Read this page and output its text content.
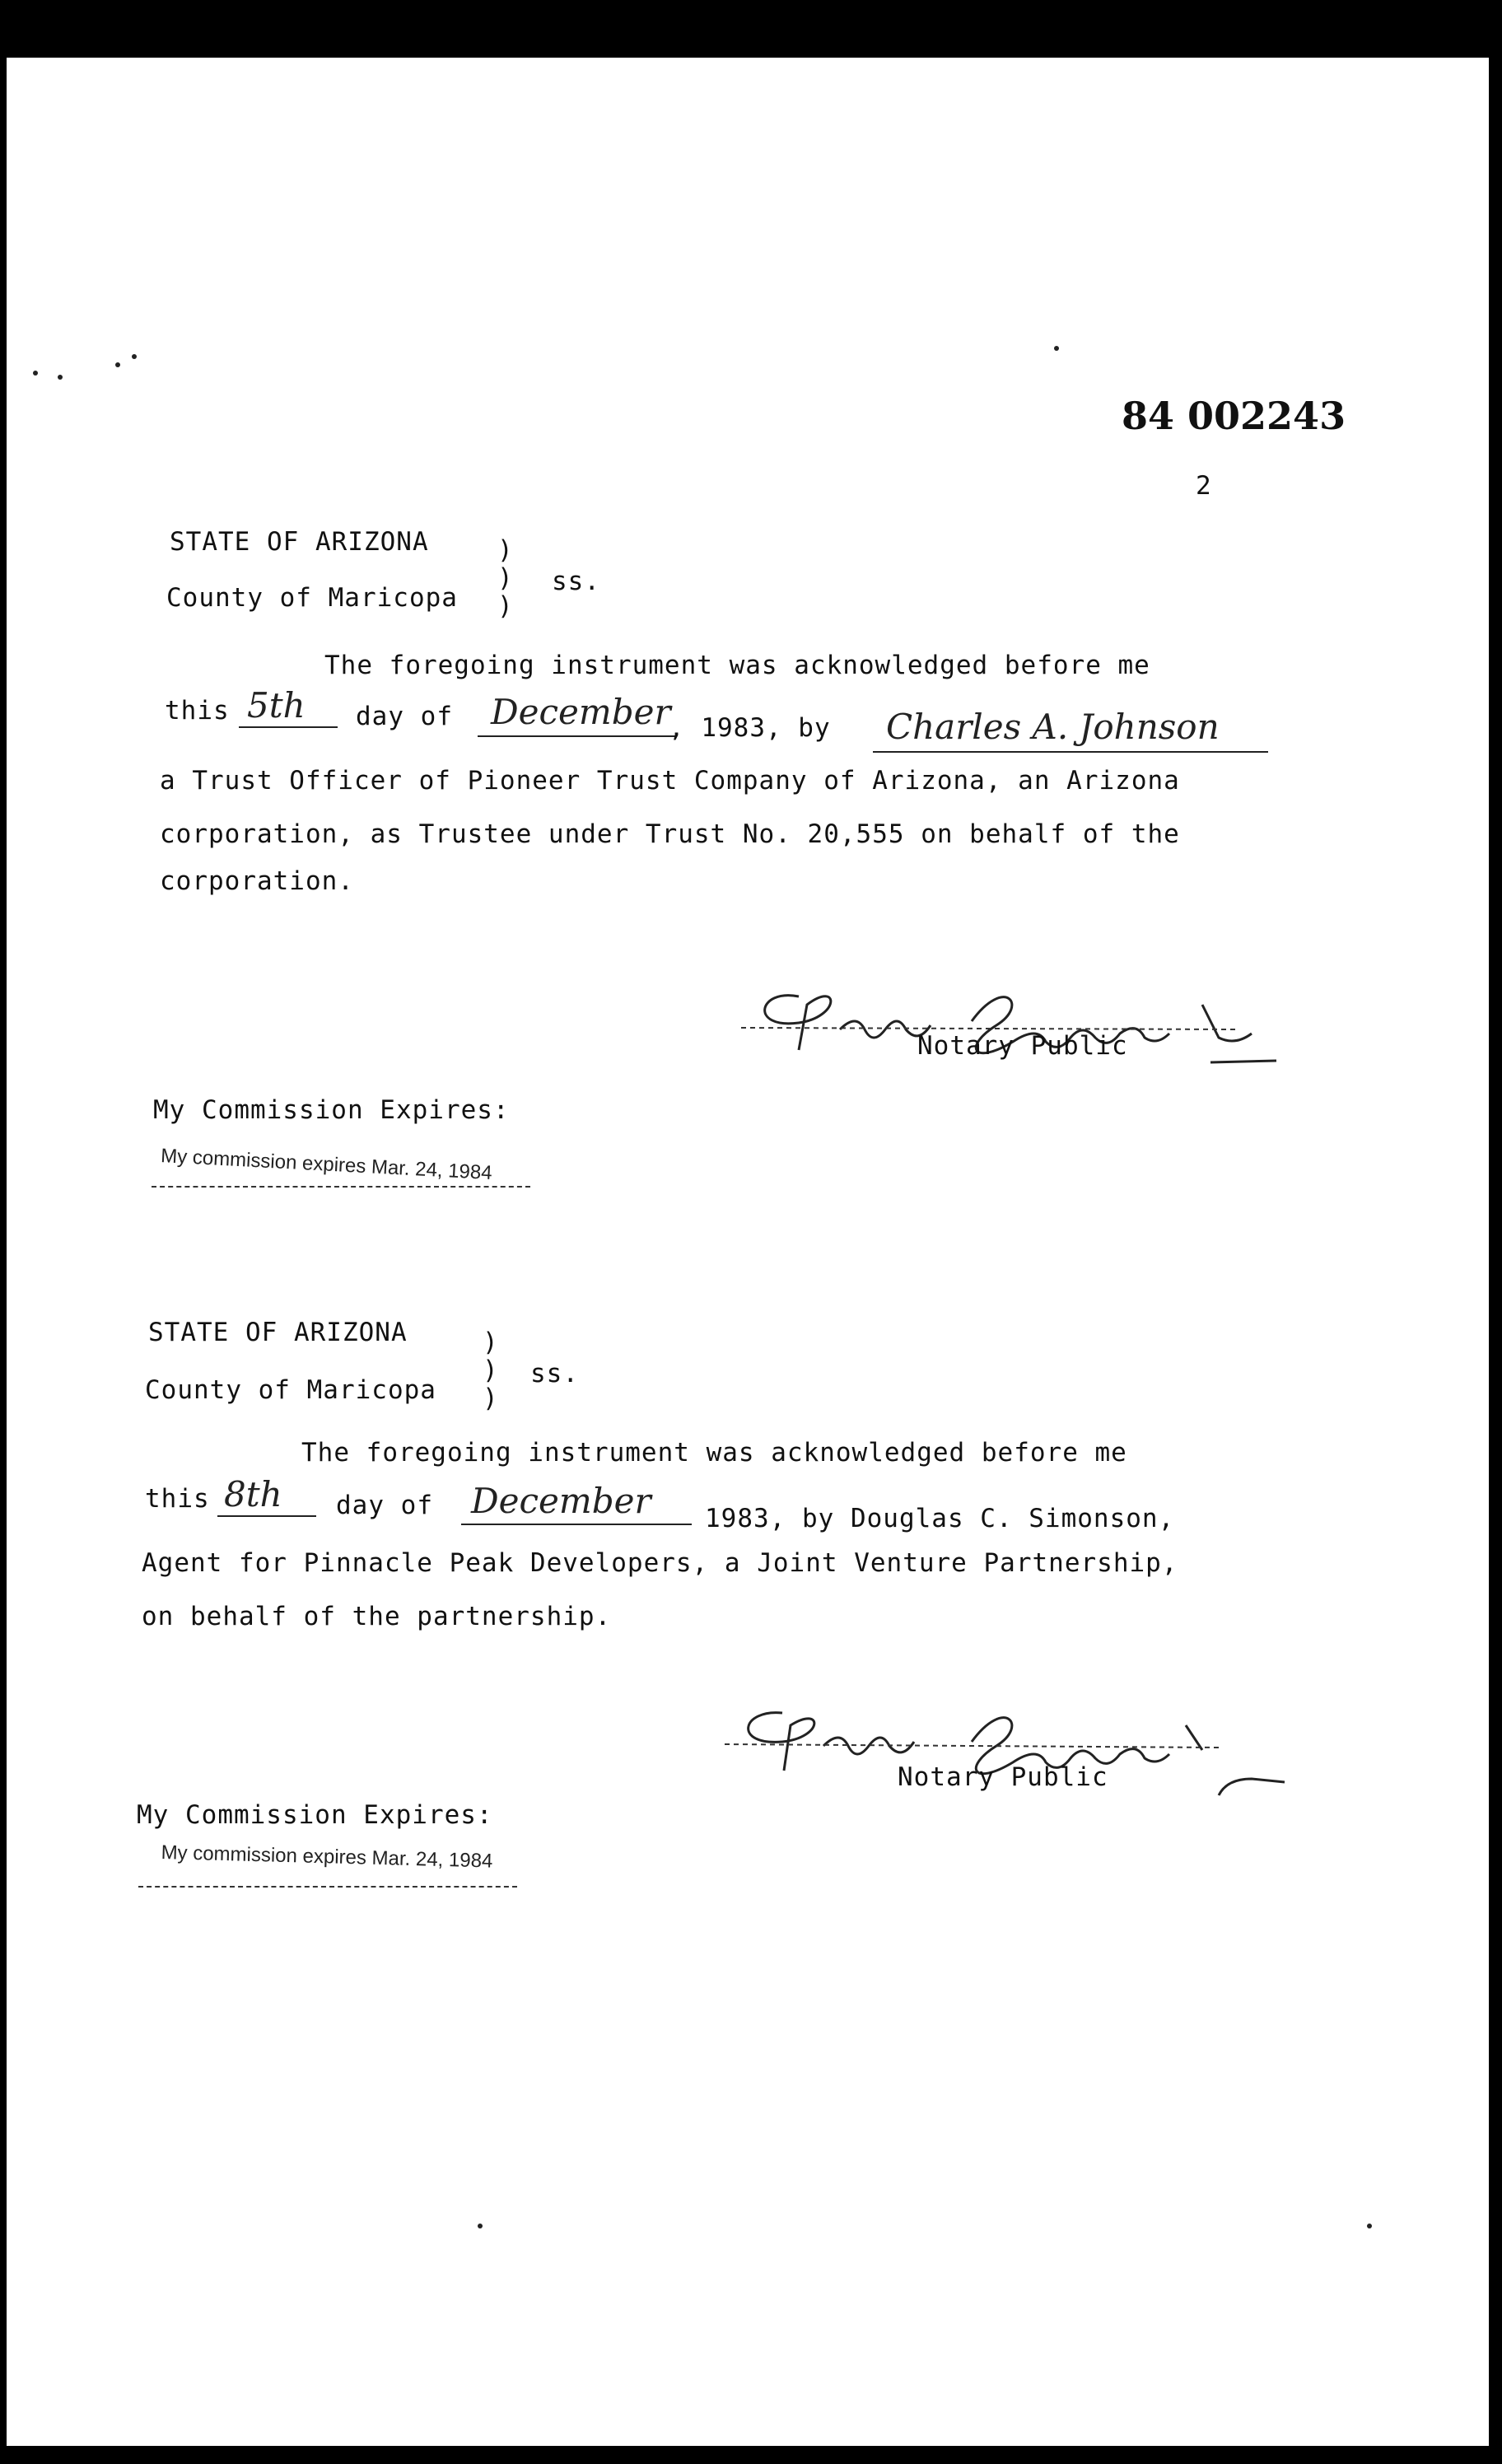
84 002243
2
STATE OF ARIZONA	)
) ss.
County of Maricopa )
The foregoing instrument was acknowledged before me
this 5th day of December
, 1983, by Charles A. Johnson
a Trust Officer of Pioneer Trust Company of Arizona, an Arizona
corporation, as Trustee under Trust No. 20,555 on behalf of the
corporation.
Notary Public
My Commission Expires:
My commission expires Mar. 24, 1984
STATE OF ARIZONA	)
) ss.
County of Maricopa )
The foregoing instrument was acknowledged before me
this 8th day of December 1983, by Douglas C. Simonson,
Agent for Pinnacle Peak Developers, a Joint Venture Partnership,
on behalf of the partnership.
Notary Public
My Commission Expires:
My commission expires Mar. 24, 1984
